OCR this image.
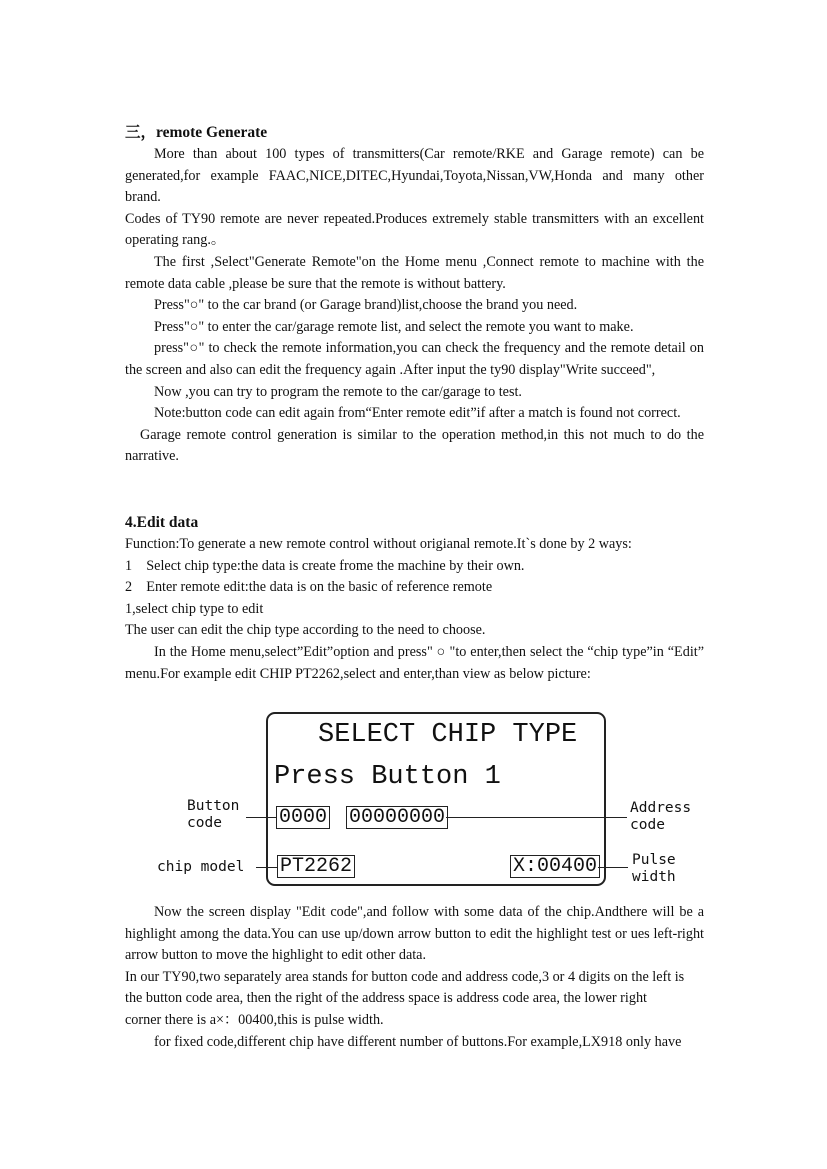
三，remote Generate

More than about 100 types of transmitters(Car remote/RKE and Garage remote) can be generated,for example FAAC,NICE,DITEC,Hyundai,Toyota,Nissan,VW,Honda and many other brand.

Codes of TY90 remote are never repeated.Produces extremely stable transmitters with an excellent operating rang.。

The first ,Select"Generate Remote"on the Home menu ,Connect remote to machine with the remote data cable ,please be sure that the remote is without battery.

Press"○" to the car brand (or Garage brand)list,choose the brand you need.

Press"○" to enter the car/garage remote list, and select the remote you want to make.

press"○" to check the remote information,you can check the frequency and the remote detail on the screen and also can edit the frequency again .After input the ty90 display"Write succeed",

Now ,you can try to program the remote to the car/garage to test.

Note:button code can edit again from“Enter remote edit”if after a match is found not correct.

Garage remote control generation is similar to the operation method,in this not much to do the narrative.

4.Edit data

Function:To generate a new remote control without origianal remote.It`s done by 2 ways:

1    Select chip type:the data is create frome the machine by their own.

2    Enter remote edit:the data is on the basic of reference remote

1,select chip type to edit

The user can edit the chip type according to the need to choose.

In the Home menu,select”Edit”option and press" ○ "to enter,then select the “chip type”in “Edit” menu.For example edit CHIP PT2262,select and enter,than view as below picture:

SELECT CHIP TYPE
Press Button 1
0000 00000000
PT2262	X:00400
Button
code
Address
code
chip model	Pulse
width

Now the screen display "Edit code",and follow with some data of the chip.Andthere will be a highlight among the data.You can use up/down arrow button to edit the highlight test or ues left-right arrow button to move the highlight to edit other data.

In our TY90,two separately area stands for button code and address code,3 or 4 digits on the left is

the button code area, then the right of the address space is address code area, the lower right

corner there is a×：00400,this is pulse width.

for fixed code,different chip have different number of buttons.For example,LX918 only have
